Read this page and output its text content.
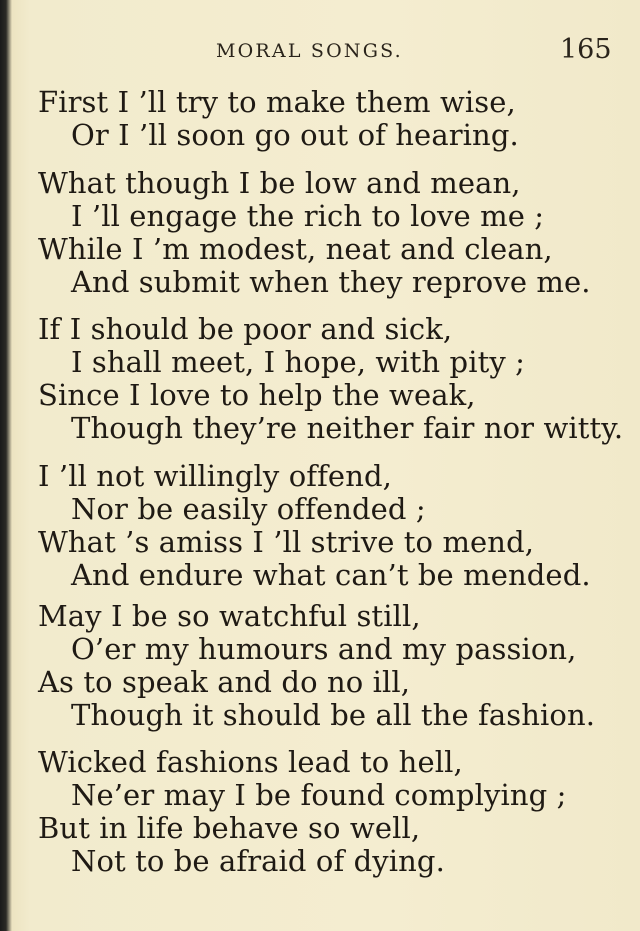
MORAL SONGS.	165
First I ’ll try to make them wise,
Or I ’ll soon go out of hearing.
What though I be low and mean,
I ’ll engage the rich to love me ;
While I ’m modest, neat and clean,
And submit when they reprove me.
If I should be poor and sick,
I shall meet, I hope, with pity ;
Since I love to help the weak,
Though they’re neither fair nor witty.
I ’ll not willingly offend,
Nor be easily offended ;
What ’s amiss I ’ll strive to mend,
And endure what can’t be mended.
May I be so watchful still,
O’er my humours and my passion,
As to speak and do no ill,
Though it should be all the fashion.
Wicked fashions lead to hell,
Ne’er may I be found complying ;
But in life behave so well,
Not to be afraid of dying.
